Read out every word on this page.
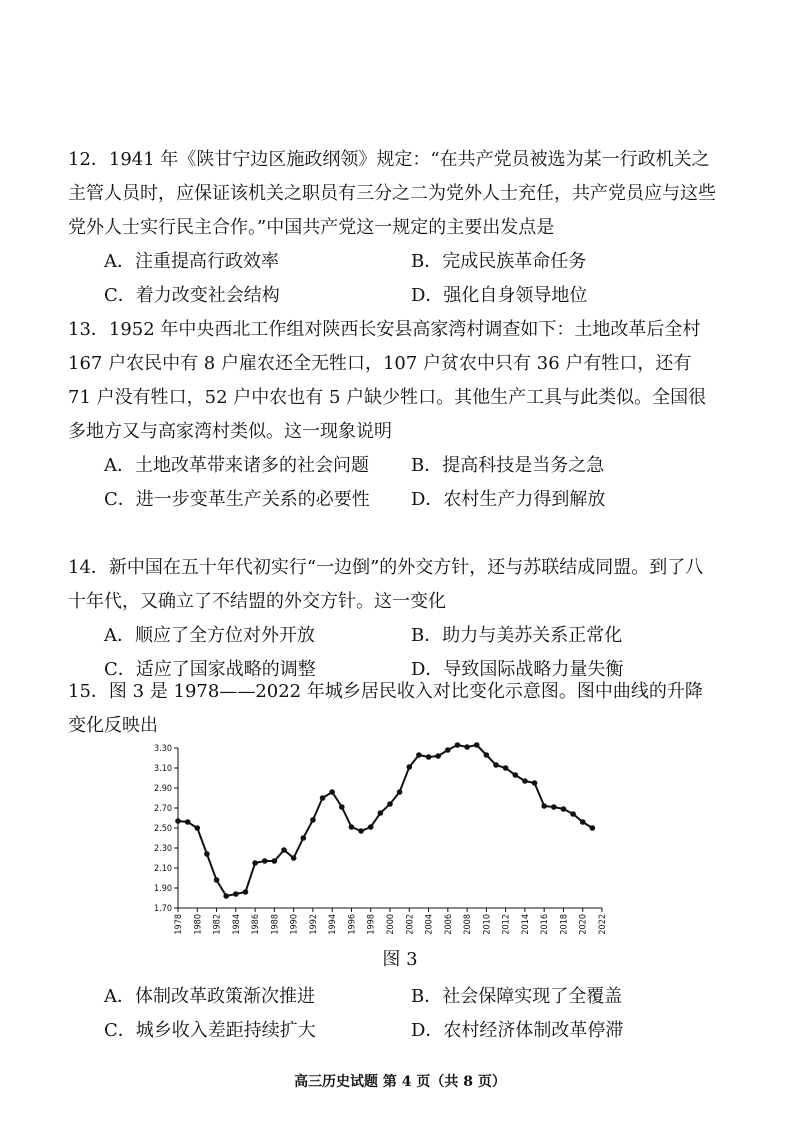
12．1941 年《陕甘宁边区施政纲领》规定：“在共产党员被选为某一行政机关之主管人员时，应保证该机关之职员有三分之二为党外人士充任，共产党员应与这些党外人士实行民主合作。”中国共产党这一规定的主要出发点是

A．注重提高行政效率	B．完成民族革命任务
C．着力改变社会结构	D．强化自身领导地位

13．1952 年中央西北工作组对陕西长安县高家湾村调查如下：土地改革后全村 167 户农民中有 8 户雇农还全无牲口，107 户贫农中只有 36 户有牲口，还有 71 户没有牲口，52 户中农也有 5 户缺少牲口。其他生产工具与此类似。全国很多地方又与高家湾村类似。这一现象说明

A．土地改革带来诸多的社会问题	B．提高科技是当务之急
C．进一步变革生产关系的必要性	D．农村生产力得到解放

14．新中国在五十年代初实行“一边倒”的外交方针，还与苏联结成同盟。到了八十年代，又确立了不结盟的外交方针。这一变化

A．顺应了全方位对外开放	B．助力与美苏关系正常化
C．适应了国家战略的调整	D．导致国际战略力量失衡

15．图 3 是 1978——2022 年城乡居民收入对比变化示意图。图中曲线的升降变化反映出

1.70
1.90
2.10
2.30
2.50
2.70
2.90
3.10
3.30
1978 1980 1982 1984 1986 1988 1990 1992 1994 1996 1998 2000 2002 2004 2006 2008 2010 2012 2014 2016 2018 2020 2022
图 3
A．体制改革政策渐次推进	B．社会保障实现了全覆盖
C．城乡收入差距持续扩大	D．农村经济体制改革停滞
高三历史试题 第 4 页（共 8 页）
